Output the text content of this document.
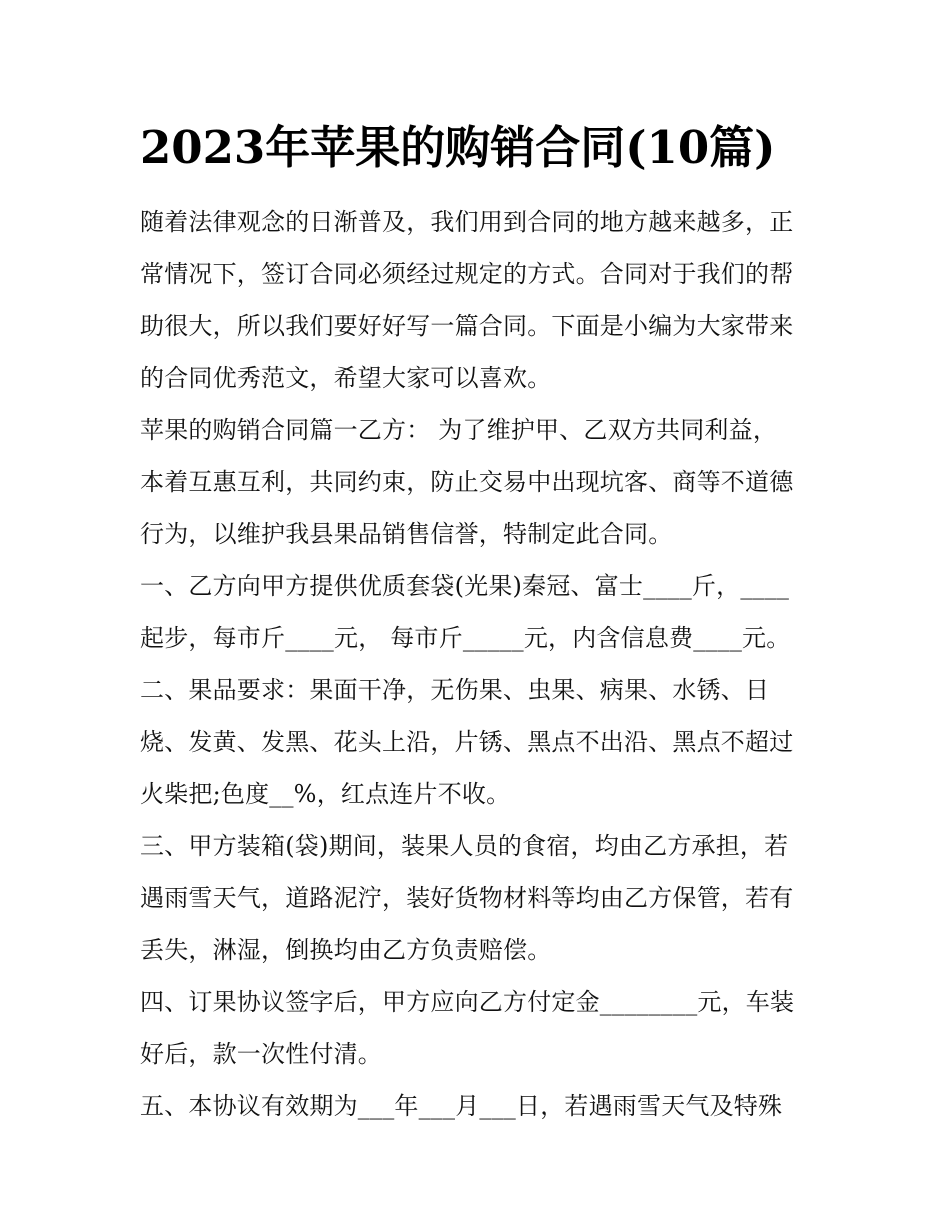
2023年苹果的购销合同(10篇)

随着法律观念的日渐普及，我们用到合同的地方越来越多，正
常情况下，签订合同必须经过规定的方式。合同对于我们的帮
助很大，所以我们要好好写一篇合同。下面是小编为大家带来
的合同优秀范文，希望大家可以喜欢。

苹果的购销合同篇一乙方： 为了维护甲、乙双方共同利益，
本着互惠互利，共同约束，防止交易中出现坑客、商等不道德
行为，以维护我县果品销售信誉，特制定此合同。

一、乙方向甲方提供优质套袋(光果)秦冠、富士____斤，____
起步，每市斤____元， 每市斤_____元，内含信息费____元。

二、果品要求：果面干净，无伤果、虫果、病果、水锈、日
烧、发黄、发黑、花头上沿，片锈、黑点不出沿、黑点不超过
火柴把;色度__%，红点连片不收。

三、甲方装箱(袋)期间，装果人员的食宿，均由乙方承担，若
遇雨雪天气，道路泥泞，装好货物材料等均由乙方保管，若有
丢失，淋湿，倒换均由乙方负责赔偿。

四、订果协议签字后，甲方应向乙方付定金________元，车装
好后，款一次性付清。

五、本协议有效期为___年___月___日，若遇雨雪天气及特殊
